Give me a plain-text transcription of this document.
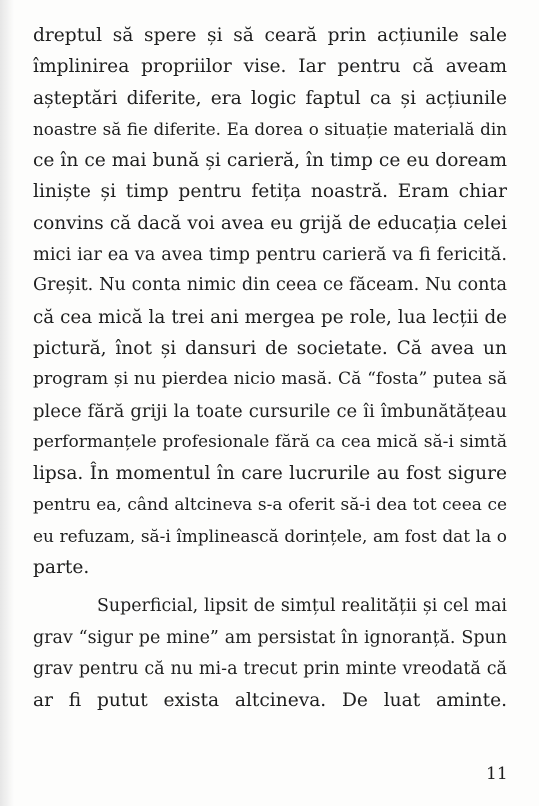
dreptul să spere și să ceară prin acțiunile sale
împlinirea propriilor vise. Iar pentru că aveam
așteptări diferite, era logic faptul ca și acțiunile
noastre să fie diferite. Ea dorea o situație materială din
ce în ce mai bună și carieră, în timp ce eu doream
liniște și timp pentru fetița noastră. Eram chiar
convins că dacă voi avea eu grijă de educația celei
mici iar ea va avea timp pentru carieră va fi fericită.
Greșit. Nu conta nimic din ceea ce făceam. Nu conta
că cea mică la trei ani mergea pe role, lua lecții de
pictură, înot și dansuri de societate. Că avea un
program și nu pierdea nicio masă. Că “fosta” putea să
plece fără griji la toate cursurile ce îi îmbunătățeau
performanțele profesionale fără ca cea mică să-i simtă
lipsa. În momentul în care lucrurile au fost sigure
pentru ea, când altcineva s-a oferit să-i dea tot ceea ce
eu refuzam, să-i împlinească dorințele, am fost dat la o
parte.

Superficial, lipsit de simțul realității și cel mai
grav “sigur pe mine” am persistat în ignoranță. Spun
grav pentru că nu mi-a trecut prin minte vreodată că
ar fi putut exista altcineva. De luat aminte.

11
